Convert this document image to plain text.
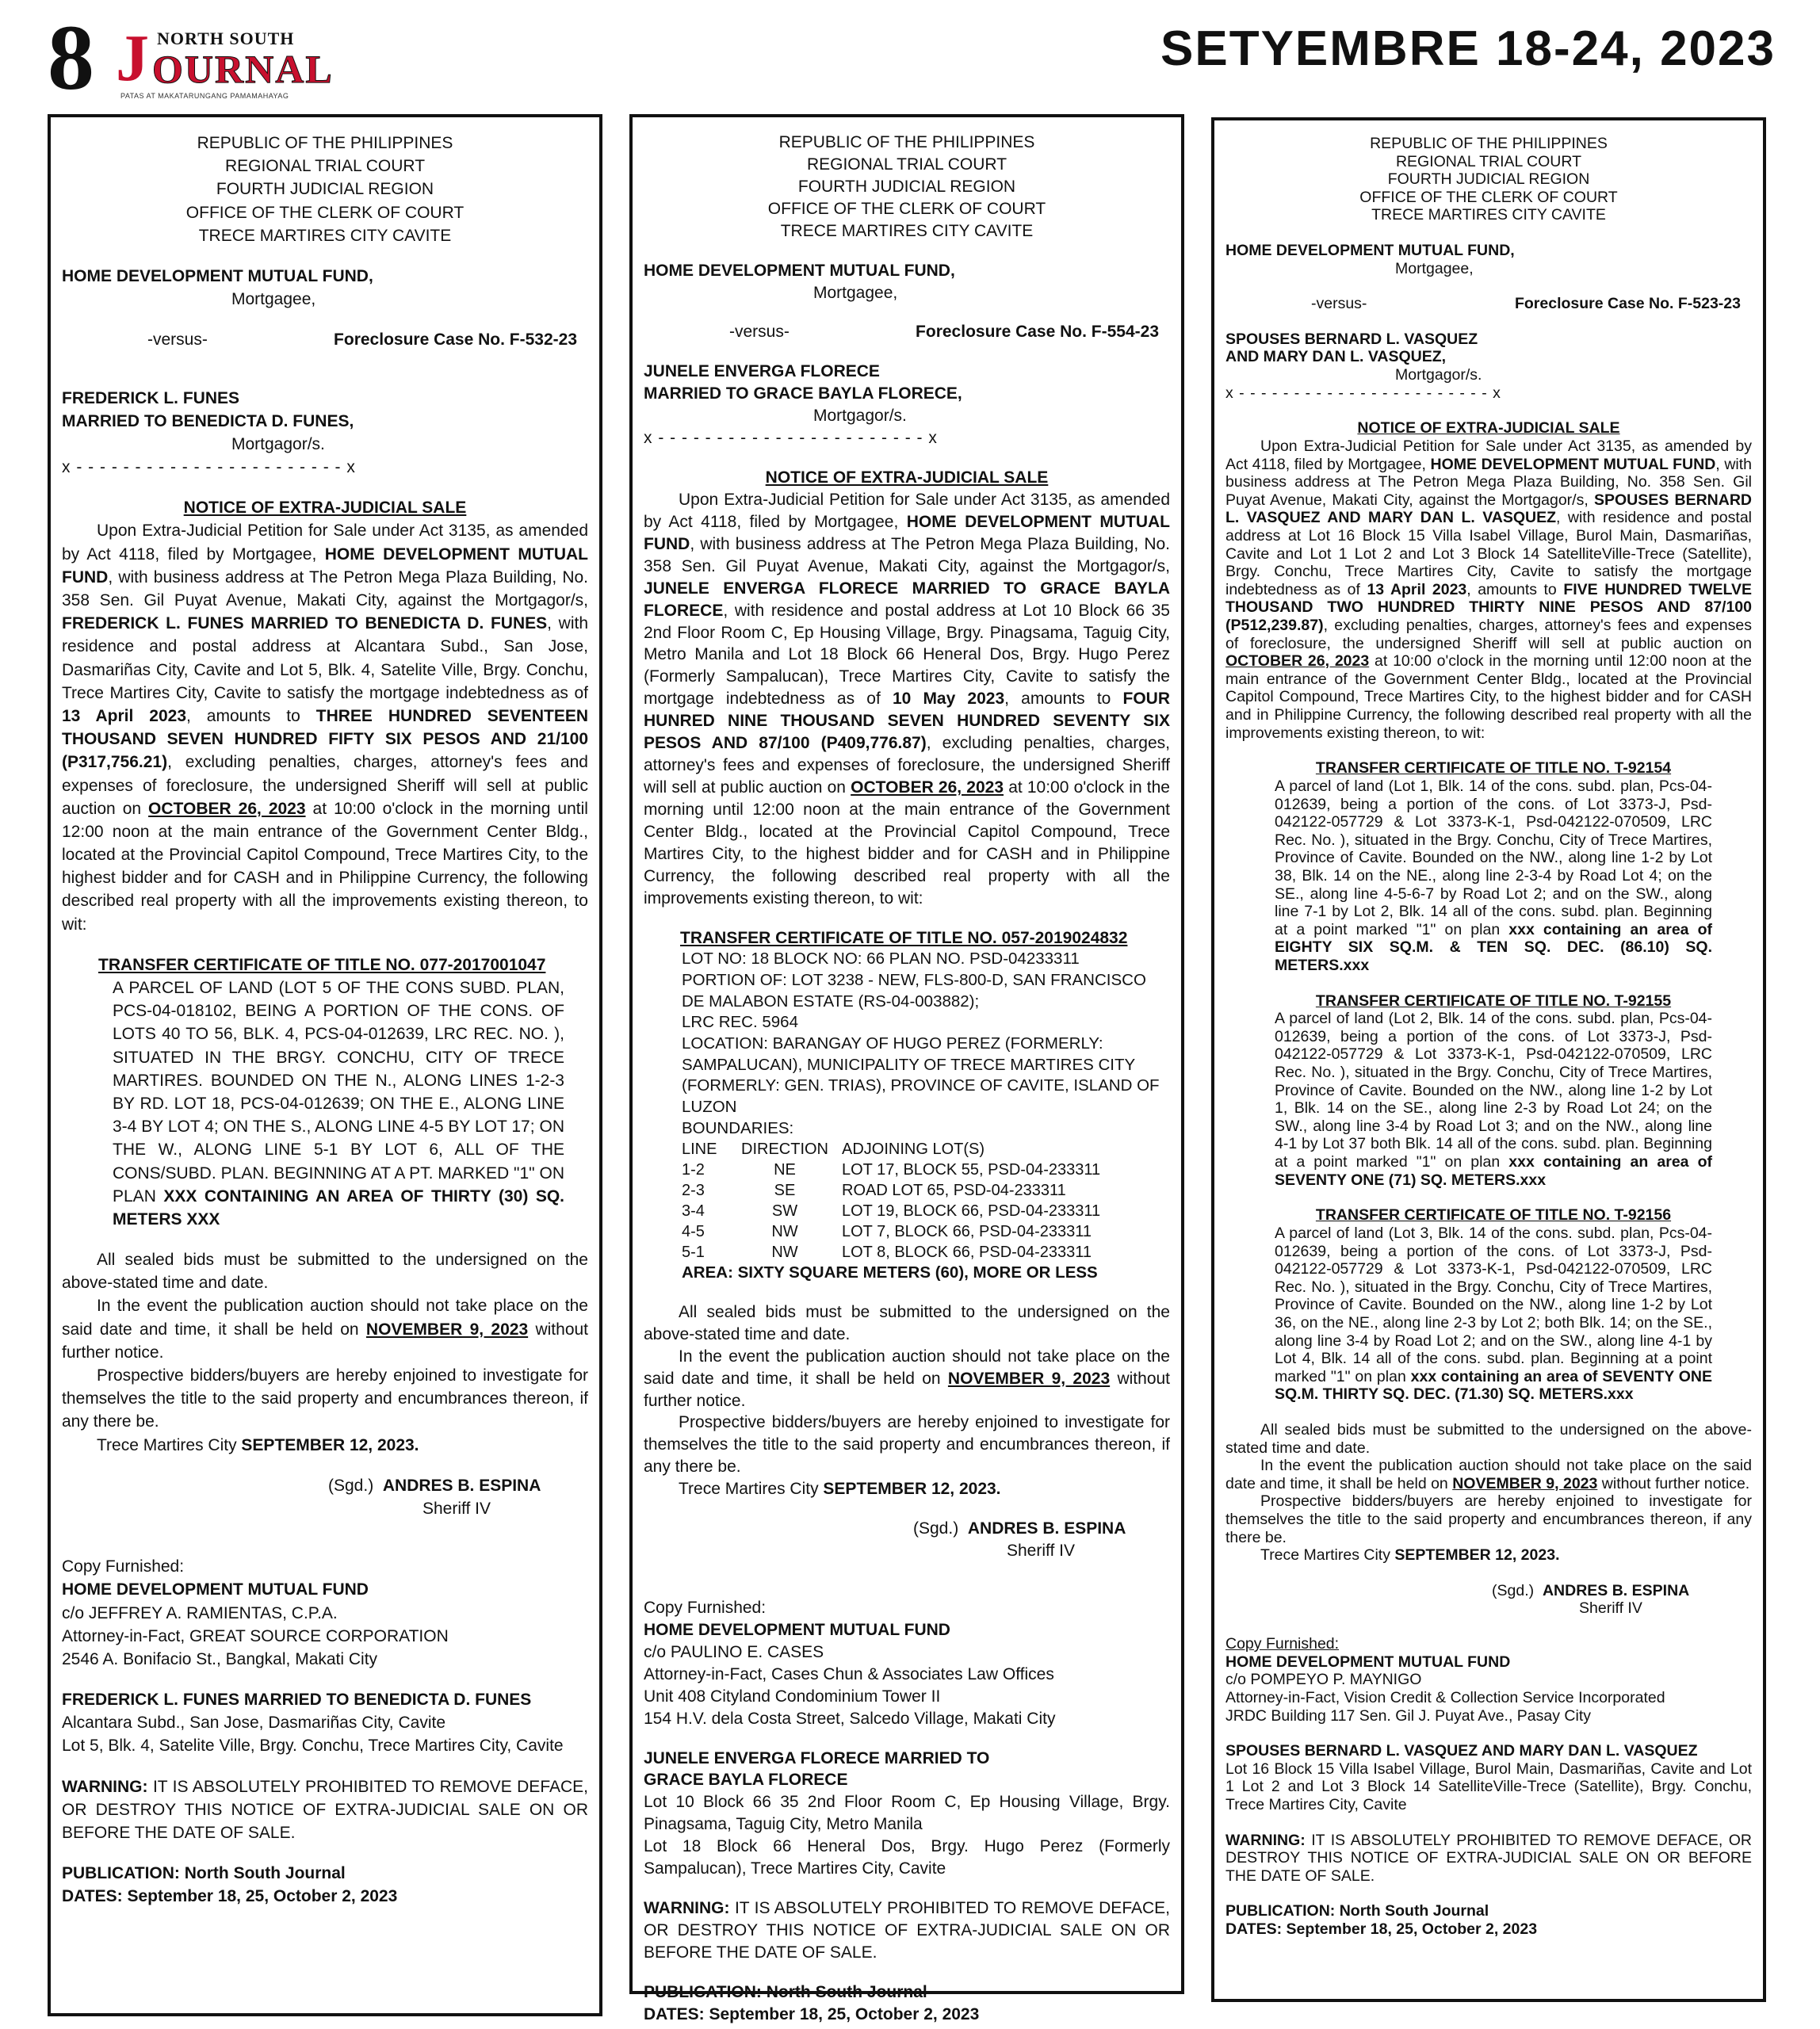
8 J NORTH SOUTH
OURNAL
PATAS AT MAKATARUNGANG PAMAMAHAYAG
SETYEMBRE 18-24, 2023
REPUBLIC OF THE PHILIPPINES
REGIONAL TRIAL COURT
FOURTH JUDICIAL REGION
OFFICE OF THE CLERK OF COURT
TRECE MARTIRES CITY CAVITE
HOME DEVELOPMENT MUTUAL FUND,
Mortgagee,
-versus-	Foreclosure Case No. F-532-23
FREDERICK L. FUNES
MARRIED TO BENEDICTA D. FUNES,
Mortgagor/s.
x - - - - - - - - - - - - - - - - - - - - - - - x
NOTICE OF EXTRA-JUDICIAL SALE
Upon Extra-Judicial Petition for Sale under Act 3135, as amended by Act 4118, filed by Mortgagee, HOME DEVELOPMENT MUTUAL FUND, with business address at The Petron Mega Plaza Building, No. 358 Sen. Gil Puyat Avenue, Makati City, against the Mortgagor/s, FREDERICK L. FUNES MARRIED TO BENEDICTA D. FUNES, with residence and postal address at Alcantara Subd., San Jose, Dasmariñas City, Cavite and Lot 5, Blk. 4, Satelite Ville, Brgy. Conchu, Trece Martires City, Cavite to satisfy the mortgage indebtedness as of 13 April 2023, amounts to THREE HUNDRED SEVENTEEN THOUSAND SEVEN HUNDRED FIFTY SIX PESOS AND 21/100 (P317,756.21), excluding penalties, charges, attorney's fees and expenses of foreclosure, the undersigned Sheriff will sell at public auction on OCTOBER 26, 2023 at 10:00 o'clock in the morning until 12:00 noon at the main entrance of the Government Center Bldg., located at the Provincial Capitol Compound, Trece Martires City, to the highest bidder and for CASH and in Philippine Currency, the following described real property with all the improvements existing thereon, to wit:
TRANSFER CERTIFICATE OF TITLE NO. 077-2017001047
A PARCEL OF LAND (LOT 5 OF THE CONS SUBD. PLAN, PCS-04-018102, BEING A PORTION OF THE CONS. OF LOTS 40 TO 56, BLK. 4, PCS-04-012639, LRC REC. NO. ), SITUATED IN THE BRGY. CONCHU, CITY OF TRECE MARTIRES. BOUNDED ON THE N., ALONG LINES 1-2-3 BY RD. LOT 18, PCS-04-012639; ON THE E., ALONG LINE 3-4 BY LOT 4; ON THE S., ALONG LINE 4-5 BY LOT 17; ON THE W., ALONG LINE 5-1 BY LOT 6, ALL OF THE CONS/SUBD. PLAN. BEGINNING AT A PT. MARKED "1" ON PLAN XXX CONTAINING AN AREA OF THIRTY (30) SQ. METERS XXX
All sealed bids must be submitted to the undersigned on the above-stated time and date.
In the event the publication auction should not take place on the said date and time, it shall be held on NOVEMBER 9, 2023 without further notice.
Prospective bidders/buyers are hereby enjoined to investigate for themselves the title to the said property and encumbrances thereon, if any there be.
Trece Martires City SEPTEMBER 12, 2023.
(Sgd.) ANDRES B. ESPINA
Sheriff IV
Copy Furnished:
HOME DEVELOPMENT MUTUAL FUND
c/o JEFFREY A. RAMIENTAS, C.P.A.
Attorney-in-Fact, GREAT SOURCE CORPORATION
2546 A. Bonifacio St., Bangkal, Makati City
FREDERICK L. FUNES MARRIED TO BENEDICTA D. FUNES
Alcantara Subd., San Jose, Dasmariñas City, Cavite
Lot 5, Blk. 4, Satelite Ville, Brgy. Conchu, Trece Martires City, Cavite
WARNING: IT IS ABSOLUTELY PROHIBITED TO REMOVE DEFACE, OR DESTROY THIS NOTICE OF EXTRA-JUDICIAL SALE ON OR BEFORE THE DATE OF SALE.
PUBLICATION: North South Journal
DATES: September 18, 25, October 2, 2023
REPUBLIC OF THE PHILIPPINES
REGIONAL TRIAL COURT
FOURTH JUDICIAL REGION
OFFICE OF THE CLERK OF COURT
TRECE MARTIRES CITY CAVITE
HOME DEVELOPMENT MUTUAL FUND,
Mortgagee,
-versus-	Foreclosure Case No. F-554-23
JUNELE ENVERGA FLORECE
MARRIED TO GRACE BAYLA FLORECE,
Mortgagor/s.
x - - - - - - - - - - - - - - - - - - - - - - - x
NOTICE OF EXTRA-JUDICIAL SALE
Upon Extra-Judicial Petition for Sale under Act 3135, as amended by Act 4118, filed by Mortgagee, HOME DEVELOPMENT MUTUAL FUND, with business address at The Petron Mega Plaza Building, No. 358 Sen. Gil Puyat Avenue, Makati City, against the Mortgagor/s, JUNELE ENVERGA FLORECE MARRIED TO GRACE BAYLA FLORECE, with residence and postal address at Lot 10 Block 66 35 2nd Floor Room C, Ep Housing Village, Brgy. Pinagsama, Taguig City, Metro Manila and Lot 18 Block 66 Heneral Dos, Brgy. Hugo Perez (Formerly Sampalucan), Trece Martires City, Cavite to satisfy the mortgage indebtedness as of 10 May 2023, amounts to FOUR HUNRED NINE THOUSAND SEVEN HUNDRED SEVENTY SIX PESOS AND 87/100 (P409,776.87), excluding penalties, charges, attorney's fees and expenses of foreclosure, the undersigned Sheriff will sell at public auction on OCTOBER 26, 2023 at 10:00 o'clock in the morning until 12:00 noon at the main entrance of the Government Center Bldg., located at the Provincial Capitol Compound, Trece Martires City, to the highest bidder and for CASH and in Philippine Currency, the following described real property with all the improvements existing thereon, to wit:
TRANSFER CERTIFICATE OF TITLE NO. 057-2019024832
LOT NO: 18 BLOCK NO: 66 PLAN NO. PSD-04233311
PORTION OF: LOT 3238 - NEW, FLS-800-D, SAN FRANCISCO DE MALABON ESTATE (RS-04-003882);
LRC REC. 5964
LOCATION: BARANGAY OF HUGO PEREZ (FORMERLY: SAMPALUCAN), MUNICIPALITY OF TRECE MARTIRES CITY (FORMERLY: GEN. TRIAS), PROVINCE OF CAVITE, ISLAND OF LUZON
BOUNDARIES:
LINE	DIRECTION	ADJOINING LOT(S)
1-2	NE	LOT 17, BLOCK 55, PSD-04-233311
2-3	SE	ROAD LOT 65, PSD-04-233311
3-4	SW	LOT 19, BLOCK 66, PSD-04-233311
4-5	NW	LOT 7, BLOCK 66, PSD-04-233311
5-1	NW	LOT 8, BLOCK 66, PSD-04-233311
AREA: SIXTY SQUARE METERS (60), MORE OR LESS
All sealed bids must be submitted to the undersigned on the above-stated time and date.
In the event the publication auction should not take place on the said date and time, it shall be held on NOVEMBER 9, 2023 without further notice.
Prospective bidders/buyers are hereby enjoined to investigate for themselves the title to the said property and encumbrances thereon, if any there be.
Trece Martires City SEPTEMBER 12, 2023.
(Sgd.) ANDRES B. ESPINA
Sheriff IV
Copy Furnished:
HOME DEVELOPMENT MUTUAL FUND
c/o PAULINO E. CASES
Attorney-in-Fact, Cases Chun & Associates Law Offices
Unit 408 Cityland Condominium Tower II
154 H.V. dela Costa Street, Salcedo Village, Makati City
JUNELE ENVERGA FLORECE MARRIED TO
GRACE BAYLA FLORECE
Lot 10 Block 66 35 2nd Floor Room C, Ep Housing Village, Brgy. Pinagsama, Taguig City, Metro Manila
Lot 18 Block 66 Heneral Dos, Brgy. Hugo Perez (Formerly Sampalucan), Trece Martires City, Cavite
WARNING: IT IS ABSOLUTELY PROHIBITED TO REMOVE DEFACE, OR DESTROY THIS NOTICE OF EXTRA-JUDICIAL SALE ON OR BEFORE THE DATE OF SALE.
PUBLICATION: North South Journal
DATES: September 18, 25, October 2, 2023
REPUBLIC OF THE PHILIPPINES
REGIONAL TRIAL COURT
FOURTH JUDICIAL REGION
OFFICE OF THE CLERK OF COURT
TRECE MARTIRES CITY CAVITE
HOME DEVELOPMENT MUTUAL FUND,
Mortgagee,
-versus-	Foreclosure Case No. F-523-23
SPOUSES BERNARD L. VASQUEZ
AND MARY DAN L. VASQUEZ,
Mortgagor/s.
x - - - - - - - - - - - - - - - - - - - - - - - x
NOTICE OF EXTRA-JUDICIAL SALE
Upon Extra-Judicial Petition for Sale under Act 3135, as amended by Act 4118, filed by Mortgagee, HOME DEVELOPMENT MUTUAL FUND, with business address at The Petron Mega Plaza Building, No. 358 Sen. Gil Puyat Avenue, Makati City, against the Mortgagor/s, SPOUSES BERNARD L. VASQUEZ AND MARY DAN L. VASQUEZ, with residence and postal address at Lot 16 Block 15 Villa Isabel Village, Burol Main, Dasmariñas, Cavite and Lot 1 Lot 2 and Lot 3 Block 14 SatelliteVille-Trece (Satellite), Brgy. Conchu, Trece Martires City, Cavite to satisfy the mortgage indebtedness as of 13 April 2023, amounts to FIVE HUNDRED TWELVE THOUSAND TWO HUNDRED THIRTY NINE PESOS AND 87/100 (P512,239.87), excluding penalties, charges, attorney's fees and expenses of foreclosure, the undersigned Sheriff will sell at public auction on OCTOBER 26, 2023 at 10:00 o'clock in the morning until 12:00 noon at the main entrance of the Government Center Bldg., located at the Provincial Capitol Compound, Trece Martires City, to the highest bidder and for CASH and in Philippine Currency, the following described real property with all the improvements existing thereon, to wit:
TRANSFER CERTIFICATE OF TITLE NO. T-92154
A parcel of land (Lot 1, Blk. 14 of the cons. subd. plan, Pcs-04-012639, being a portion of the cons. of Lot 3373-J, Psd-042122-057729 & Lot 3373-K-1, Psd-042122-070509, LRC Rec. No. ), situated in the Brgy. Conchu, City of Trece Martires, Province of Cavite. Bounded on the NW., along line 1-2 by Lot 38, Blk. 14 on the NE., along line 2-3-4 by Road Lot 4; on the SE., along line 4-5-6-7 by Road Lot 2; and on the SW., along line 7-1 by Lot 2, Blk. 14 all of the cons. subd. plan. Beginning at a point marked "1" on plan xxx containing an area of EIGHTY SIX SQ.M. & TEN SQ. DEC. (86.10) SQ. METERS.xxx
TRANSFER CERTIFICATE OF TITLE NO. T-92155
A parcel of land (Lot 2, Blk. 14 of the cons. subd. plan, Pcs-04-012639, being a portion of the cons. of Lot 3373-J, Psd-042122-057729 & Lot 3373-K-1, Psd-042122-070509, LRC Rec. No. ), situated in the Brgy. Conchu, City of Trece Martires, Province of Cavite. Bounded on the NW., along line 1-2 by Lot 1, Blk. 14 on the SE., along line 2-3 by Road Lot 24; on the SW., along line 3-4 by Road Lot 3; and on the NW., along line 4-1 by Lot 37 both Blk. 14 all of the cons. subd. plan. Beginning at a point marked "1" on plan xxx containing an area of SEVENTY ONE (71) SQ. METERS.xxx
TRANSFER CERTIFICATE OF TITLE NO. T-92156
A parcel of land (Lot 3, Blk. 14 of the cons. subd. plan, Pcs-04-012639, being a portion of the cons. of Lot 3373-J, Psd-042122-057729 & Lot 3373-K-1, Psd-042122-070509, LRC Rec. No. ), situated in the Brgy. Conchu, City of Trece Martires, Province of Cavite. Bounded on the NW., along line 1-2 by Lot 36, on the NE., along line 2-3 by Lot 2; both Blk. 14; on the SE., along line 3-4 by Road Lot 2; and on the SW., along line 4-1 by Lot 4, Blk. 14 all of the cons. subd. plan. Beginning at a point marked "1" on plan xxx containing an area of SEVENTY ONE SQ.M. THIRTY SQ. DEC. (71.30) SQ. METERS.xxx
All sealed bids must be submitted to the undersigned on the above-stated time and date.
In the event the publication auction should not take place on the said date and time, it shall be held on NOVEMBER 9, 2023 without further notice.
Prospective bidders/buyers are hereby enjoined to investigate for themselves the title to the said property and encumbrances thereon, if any there be.
Trece Martires City SEPTEMBER 12, 2023.
(Sgd.) ANDRES B. ESPINA
Sheriff IV
Copy Furnished:
HOME DEVELOPMENT MUTUAL FUND
c/o POMPEYO P. MAYNIGO
Attorney-in-Fact, Vision Credit & Collection Service Incorporated
JRDC Building 117 Sen. Gil J. Puyat Ave., Pasay City
SPOUSES BERNARD L. VASQUEZ AND MARY DAN L. VASQUEZ
Lot 16 Block 15 Villa Isabel Village, Burol Main, Dasmariñas, Cavite and Lot 1 Lot 2 and Lot 3 Block 14 SatelliteVille-Trece (Satellite), Brgy. Conchu, Trece Martires City, Cavite
WARNING: IT IS ABSOLUTELY PROHIBITED TO REMOVE DEFACE, OR DESTROY THIS NOTICE OF EXTRA-JUDICIAL SALE ON OR BEFORE THE DATE OF SALE.
PUBLICATION: North South Journal
DATES: September 18, 25, October 2, 2023
